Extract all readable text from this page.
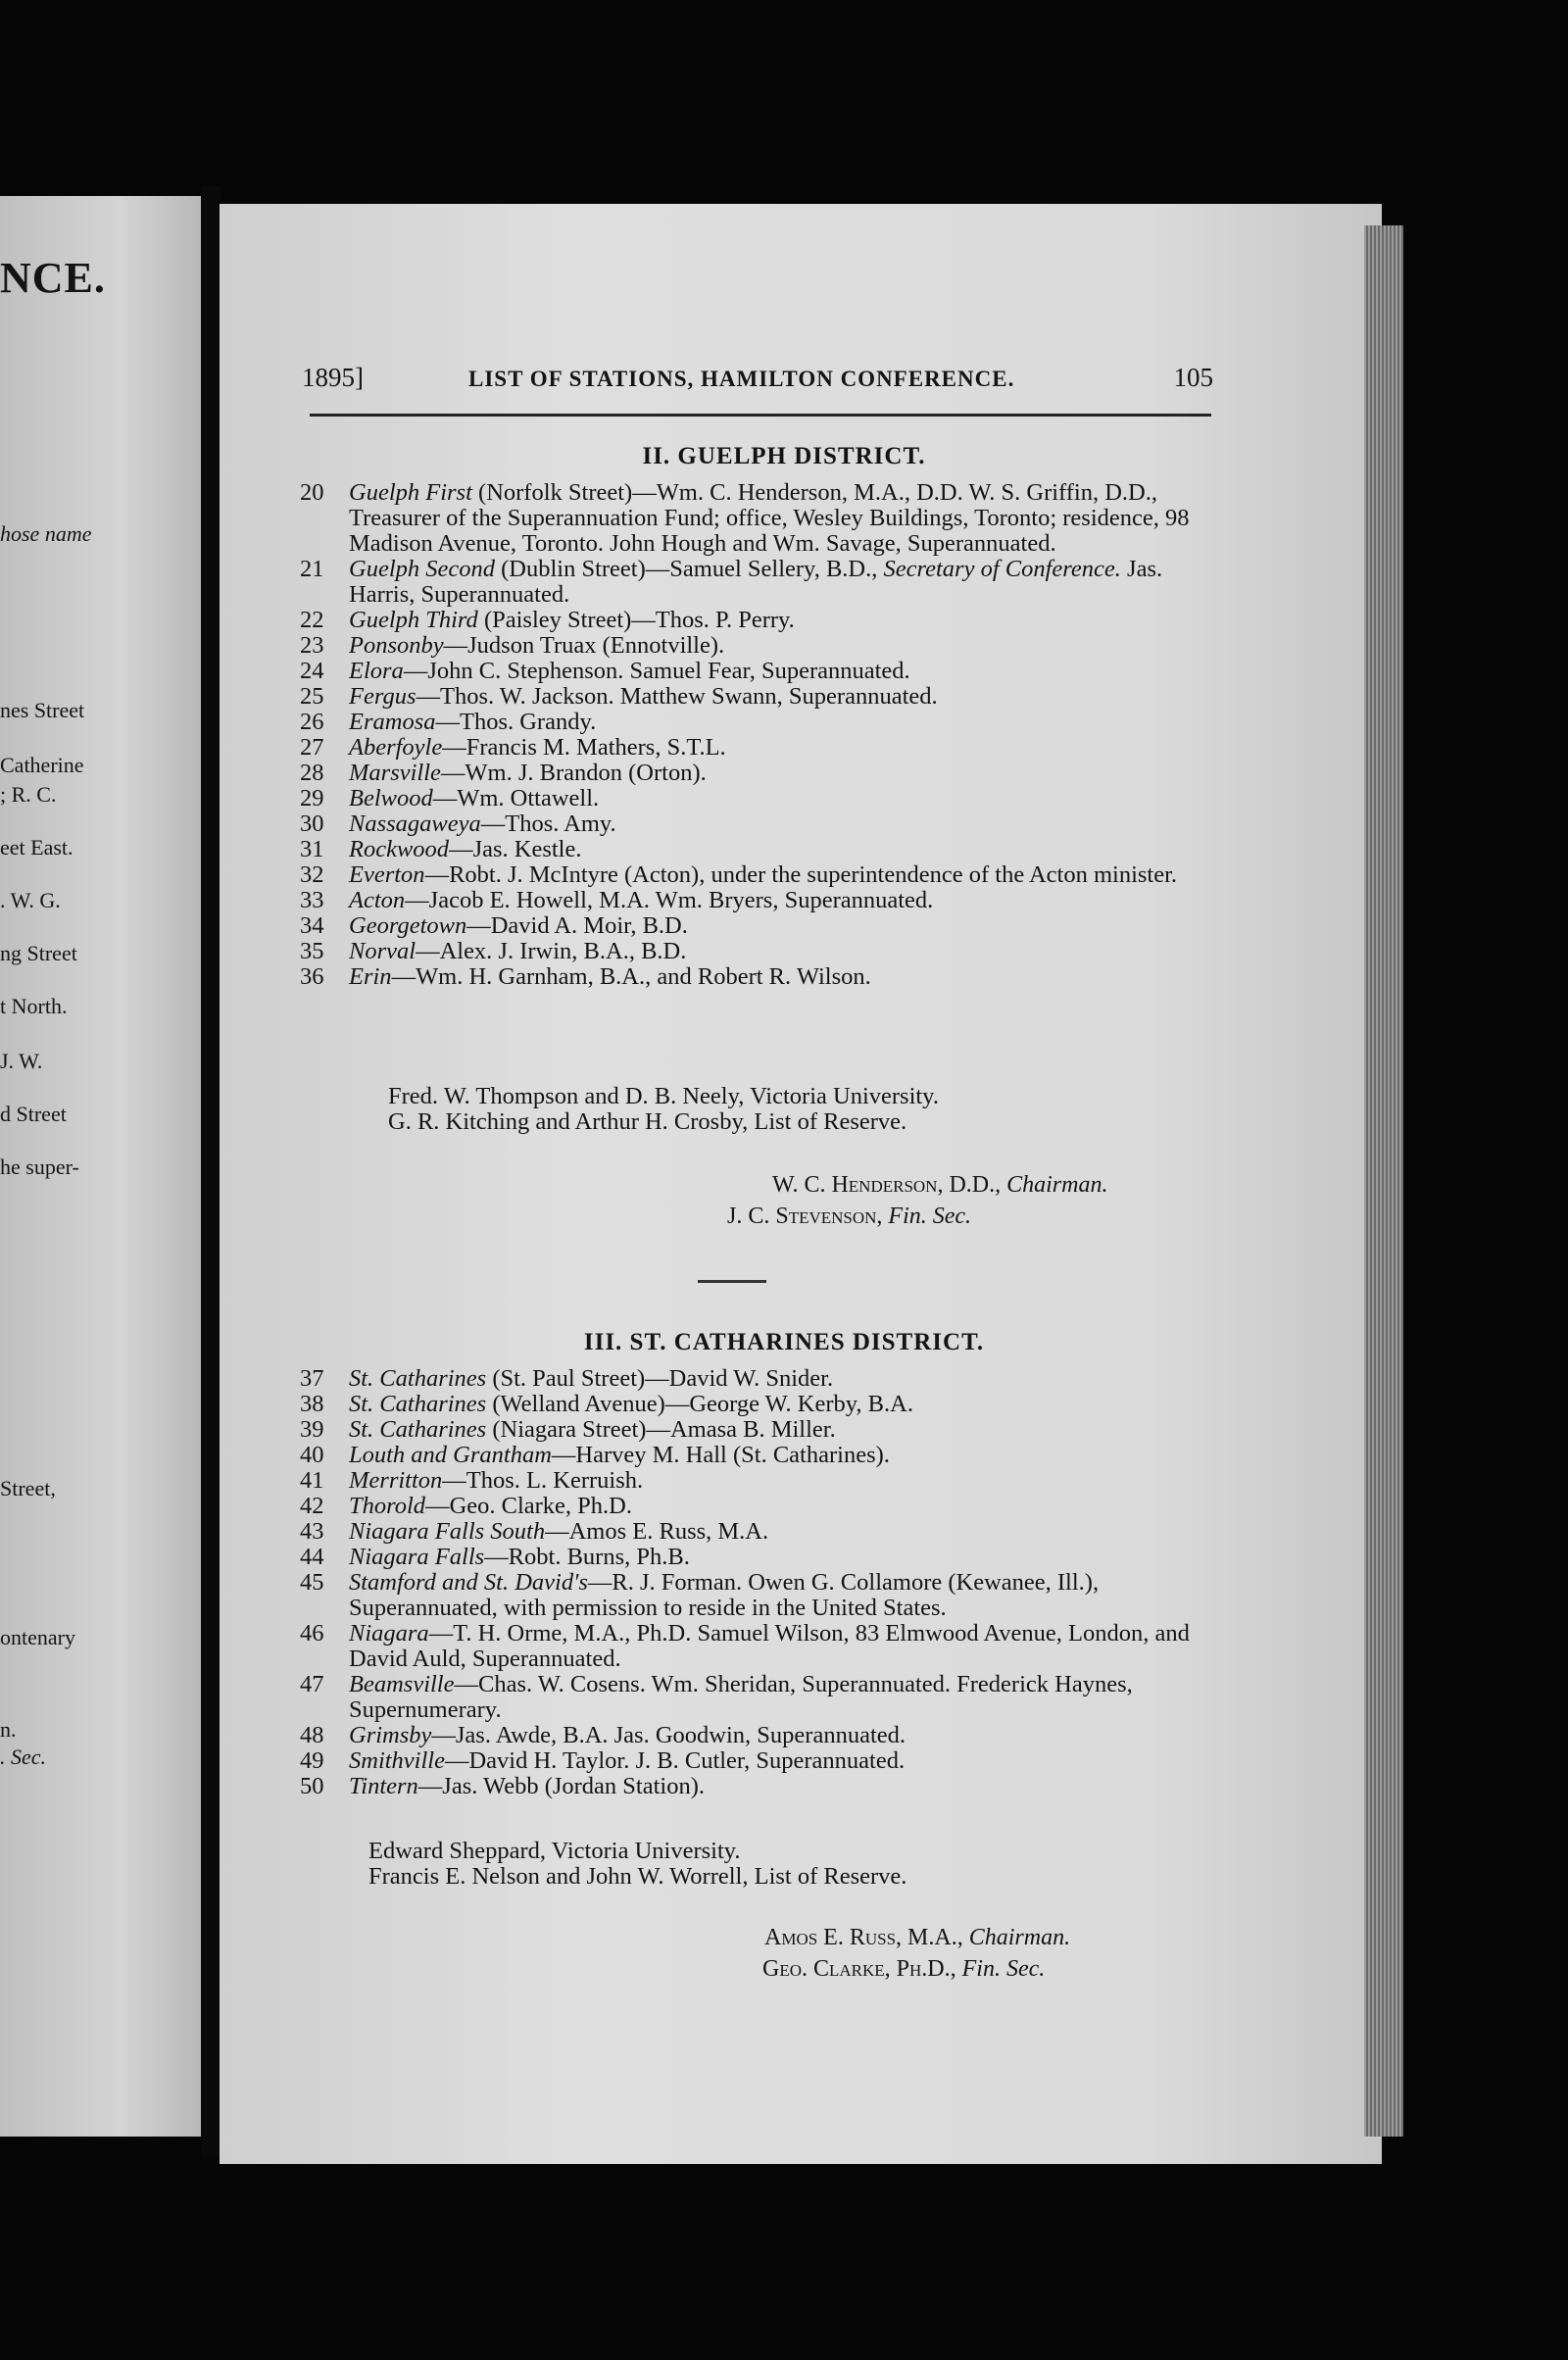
NCE.
hose name
nes Street
Catherine
; R. C.
eet East.
. W. G.
ng Street
t North.
J. W.
d Street
he super-
Street,
ontenary
n.
. Sec.
1895]	LIST OF STATIONS, HAMILTON CONFERENCE.	105
II. GUELPH DISTRICT.
20	Guelph First (Norfolk Street)—Wm. C. Henderson, M.A., D.D. W. S. Griffin, D.D., Treasurer of the Superannuation Fund; office, Wesley Buildings, Toronto; residence, 98 Madison Avenue, Toronto. John Hough and Wm. Savage, Superannuated.
21	Guelph Second (Dublin Street)—Samuel Sellery, B.D., Secretary of Conference. Jas. Harris, Superannuated.
22	Guelph Third (Paisley Street)—Thos. P. Perry.
23	Ponsonby—Judson Truax (Ennotville).
24	Elora—John C. Stephenson. Samuel Fear, Superannuated.
25	Fergus—Thos. W. Jackson. Matthew Swann, Superannuated.
26	Eramosa—Thos. Grandy.
27	Aberfoyle—Francis M. Mathers, S.T.L.
28	Marsville—Wm. J. Brandon (Orton).
29	Belwood—Wm. Ottawell.
30	Nassagaweya—Thos. Amy.
31	Rockwood—Jas. Kestle.
32	Everton—Robt. J. McIntyre (Acton), under the superintendence of the Acton minister.
33	Acton—Jacob E. Howell, M.A. Wm. Bryers, Superannuated.
34	Georgetown—David A. Moir, B.D.
35	Norval—Alex. J. Irwin, B.A., B.D.
36	Erin—Wm. H. Garnham, B.A., and Robert R. Wilson.
Fred. W. Thompson and D. B. Neely, Victoria University.
G. R. Kitching and Arthur H. Crosby, List of Reserve.
W. C. Henderson, D.D., Chairman.
J. C. Stevenson, Fin. Sec.
III. ST. CATHARINES DISTRICT.
37	St. Catharines (St. Paul Street)—David W. Snider.
38	St. Catharines (Welland Avenue)—George W. Kerby, B.A.
39	St. Catharines (Niagara Street)—Amasa B. Miller.
40	Louth and Grantham—Harvey M. Hall (St. Catharines).
41	Merritton—Thos. L. Kerruish.
42	Thorold—Geo. Clarke, Ph.D.
43	Niagara Falls South—Amos E. Russ, M.A.
44	Niagara Falls—Robt. Burns, Ph.B.
45	Stamford and St. David's—R. J. Forman. Owen G. Collamore (Kewanee, Ill.), Superannuated, with permission to reside in the United States.
46	Niagara—T. H. Orme, M.A., Ph.D. Samuel Wilson, 83 Elmwood Avenue, London, and David Auld, Superannuated.
47	Beamsville—Chas. W. Cosens. Wm. Sheridan, Superannuated. Frederick Haynes, Supernumerary.
48	Grimsby—Jas. Awde, B.A. Jas. Goodwin, Superannuated.
49	Smithville—David H. Taylor. J. B. Cutler, Superannuated.
50	Tintern—Jas. Webb (Jordan Station).
Edward Sheppard, Victoria University.
Francis E. Nelson and John W. Worrell, List of Reserve.
Amos E. Russ, M.A., Chairman.
Geo. Clarke, Ph.D., Fin. Sec.
